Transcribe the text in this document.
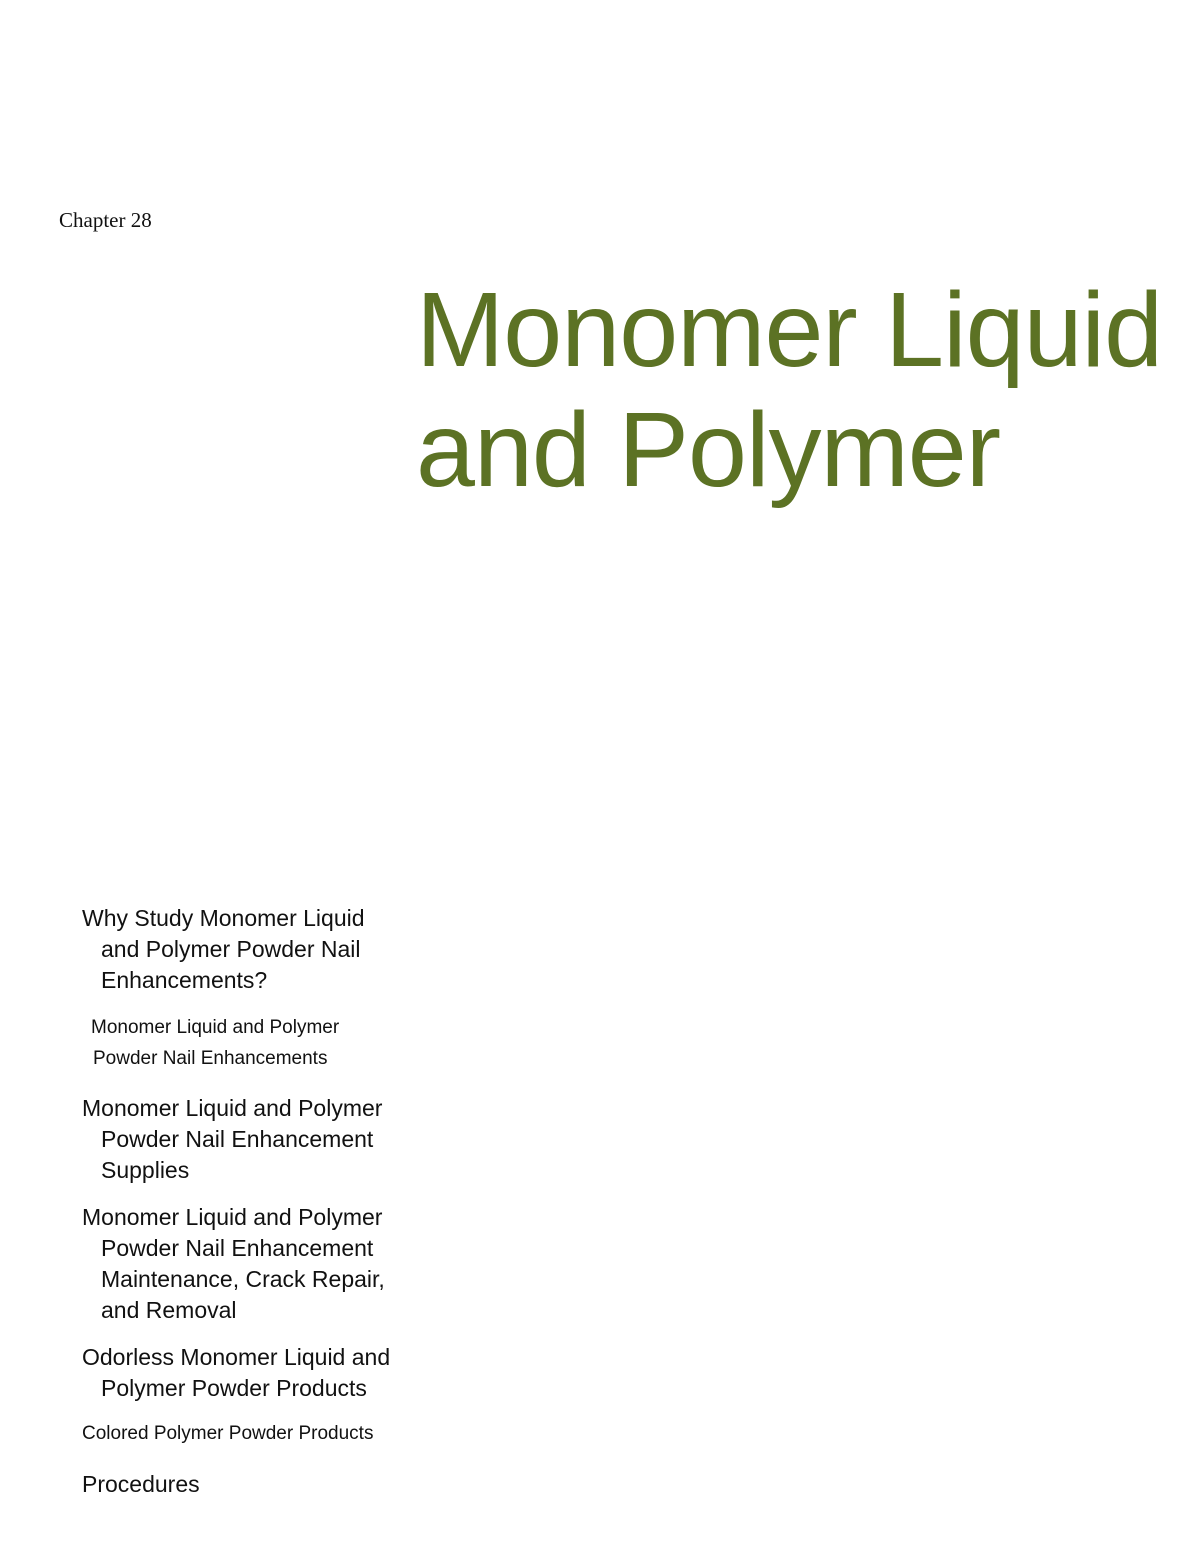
Chapter 28
Monomer Liquid
and Polymer
Why Study Monomer Liquid
and Polymer Powder Nail
Enhancements?
Monomer Liquid and Polymer
Powder Nail Enhancements
Monomer Liquid and Polymer
Powder Nail Enhancement
Supplies
Monomer Liquid and Polymer
Powder Nail Enhancement
Maintenance, Crack Repair,
and Removal
Odorless Monomer Liquid and
Polymer Powder Products
Colored Polymer Powder Products
Procedures
